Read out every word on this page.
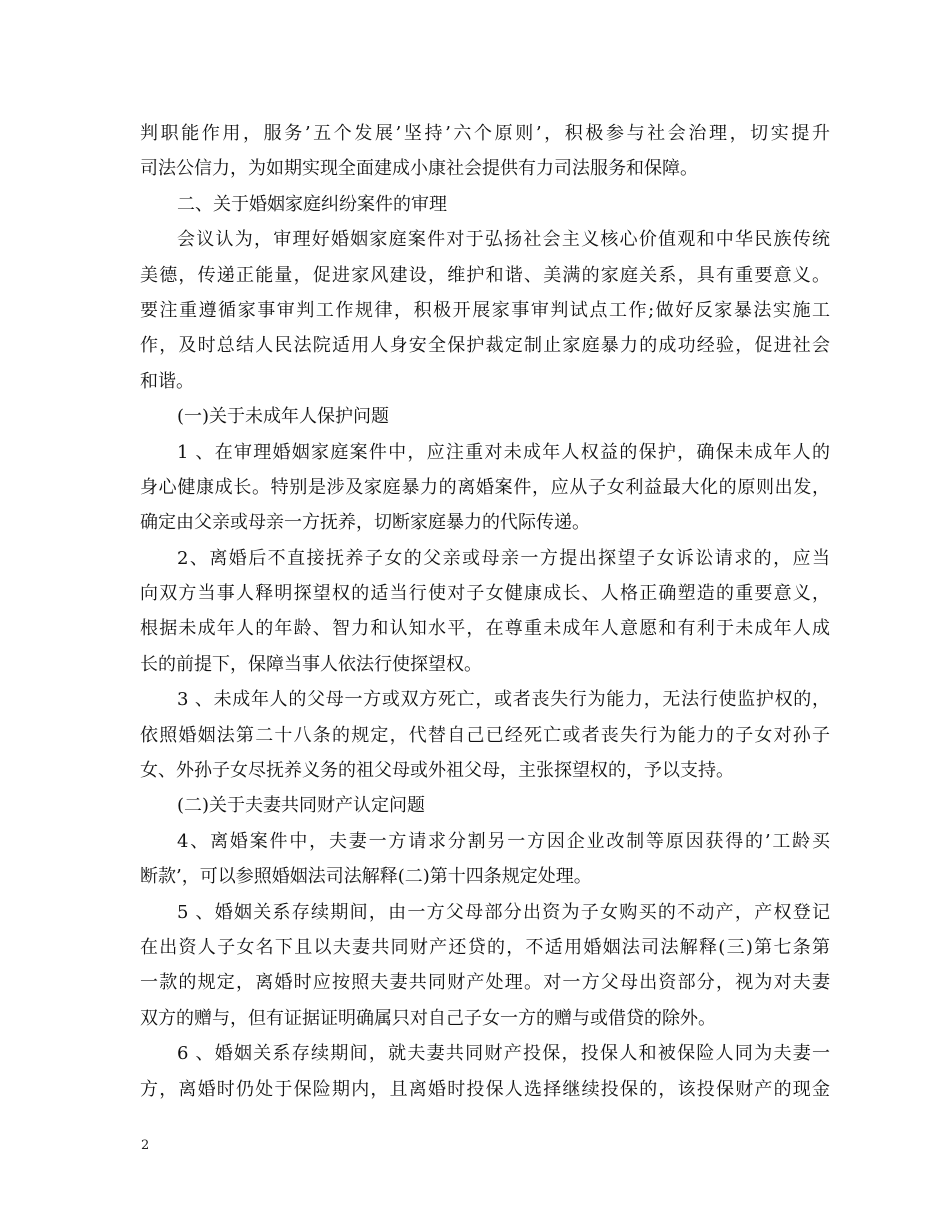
判职能作用，服务’五个发展’坚持’六个原则’，积极参与社会治理，切实提升
司法公信力，为如期实现全面建成小康社会提供有力司法服务和保障。
二、关于婚姻家庭纠纷案件的审理
会议认为，审理好婚姻家庭案件对于弘扬社会主义核心价值观和中华民族传统
美德，传递正能量，促进家风建设，维护和谐、美满的家庭关系，具有重要意义。
要注重遵循家事审判工作规律，积极开展家事审判试点工作;做好反家暴法实施工
作，及时总结人民法院适用人身安全保护裁定制止家庭暴力的成功经验，促进社会
和谐。
(一)关于未成年人保护问题
1 、在审理婚姻家庭案件中，应注重对未成年人权益的保护，确保未成年人的
身心健康成长。特别是涉及家庭暴力的离婚案件，应从子女利益最大化的原则出发，
确定由父亲或母亲一方抚养，切断家庭暴力的代际传递。
2、离婚后不直接抚养子女的父亲或母亲一方提出探望子女诉讼请求的，应当
向双方当事人释明探望权的适当行使对子女健康成长、人格正确塑造的重要意义，
根据未成年人的年龄、智力和认知水平，在尊重未成年人意愿和有利于未成年人成
长的前提下，保障当事人依法行使探望权。
3 、未成年人的父母一方或双方死亡，或者丧失行为能力，无法行使监护权的，
依照婚姻法第二十八条的规定，代替自己已经死亡或者丧失行为能力的子女对孙子
女、外孙子女尽抚养义务的祖父母或外祖父母，主张探望权的，予以支持。
(二)关于夫妻共同财产认定问题
4、离婚案件中，夫妻一方请求分割另一方因企业改制等原因获得的’工龄买
断款’，可以参照婚姻法司法解释(二)第十四条规定处理。
5 、婚姻关系存续期间，由一方父母部分出资为子女购买的不动产，产权登记
在出资人子女名下且以夫妻共同财产还贷的，不适用婚姻法司法解释(三)第七条第
一款的规定，离婚时应按照夫妻共同财产处理。对一方父母出资部分，视为对夫妻
双方的赠与，但有证据证明确属只对自己子女一方的赠与或借贷的除外。
6 、婚姻关系存续期间，就夫妻共同财产投保，投保人和被保险人同为夫妻一
方，离婚时仍处于保险期内，且离婚时投保人选择继续投保的，该投保财产的现金
2
